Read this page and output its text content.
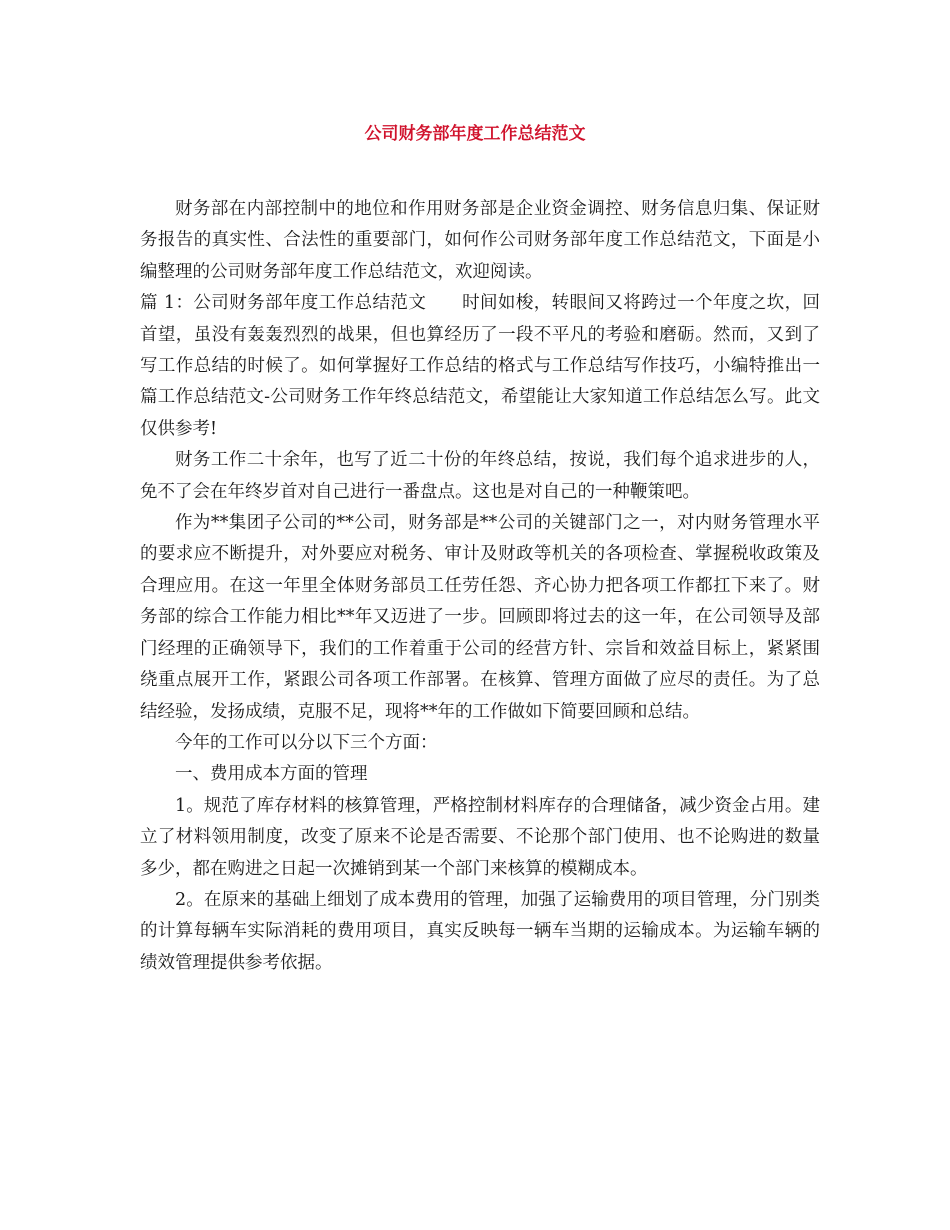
公司财务部年度工作总结范文

财务部在内部控制中的地位和作用财务部是企业资金调控、财务信息归集、保证财务报告的真实性、合法性的重要部门，如何作公司财务部年度工作总结范文，下面是小编整理的公司财务部年度工作总结范文，欢迎阅读。

篇 1：公司财务部年度工作总结范文　　时间如梭，转眼间又将跨过一个年度之坎，回首望，虽没有轰轰烈烈的战果，但也算经历了一段不平凡的考验和磨砺。然而，又到了写工作总结的时候了。如何掌握好工作总结的格式与工作总结写作技巧，小编特推出一篇工作总结范文-公司财务工作年终总结范文，希望能让大家知道工作总结怎么写。此文仅供参考!

财务工作二十余年，也写了近二十份的年终总结，按说，我们每个追求进步的人，免不了会在年终岁首对自己进行一番盘点。这也是对自己的一种鞭策吧。

作为**集团子公司的**公司，财务部是**公司的关键部门之一，对内财务管理水平的要求应不断提升，对外要应对税务、审计及财政等机关的各项检查、掌握税收政策及合理应用。在这一年里全体财务部员工任劳任怨、齐心协力把各项工作都扛下来了。财务部的综合工作能力相比**年又迈进了一步。回顾即将过去的这一年，在公司领导及部门经理的正确领导下，我们的工作着重于公司的经营方针、宗旨和效益目标上，紧紧围绕重点展开工作，紧跟公司各项工作部署。在核算、管理方面做了应尽的责任。为了总结经验，发扬成绩，克服不足，现将**年的工作做如下简要回顾和总结。

今年的工作可以分以下三个方面：

一、费用成本方面的管理

1。规范了库存材料的核算管理，严格控制材料库存的合理储备，减少资金占用。建立了材料领用制度，改变了原来不论是否需要、不论那个部门使用、也不论购进的数量多少，都在购进之日起一次摊销到某一个部门来核算的模糊成本。

2。在原来的基础上细划了成本费用的管理，加强了运输费用的项目管理，分门别类的计算每辆车实际消耗的费用项目，真实反映每一辆车当期的运输成本。为运输车辆的绩效管理提供参考依据。
